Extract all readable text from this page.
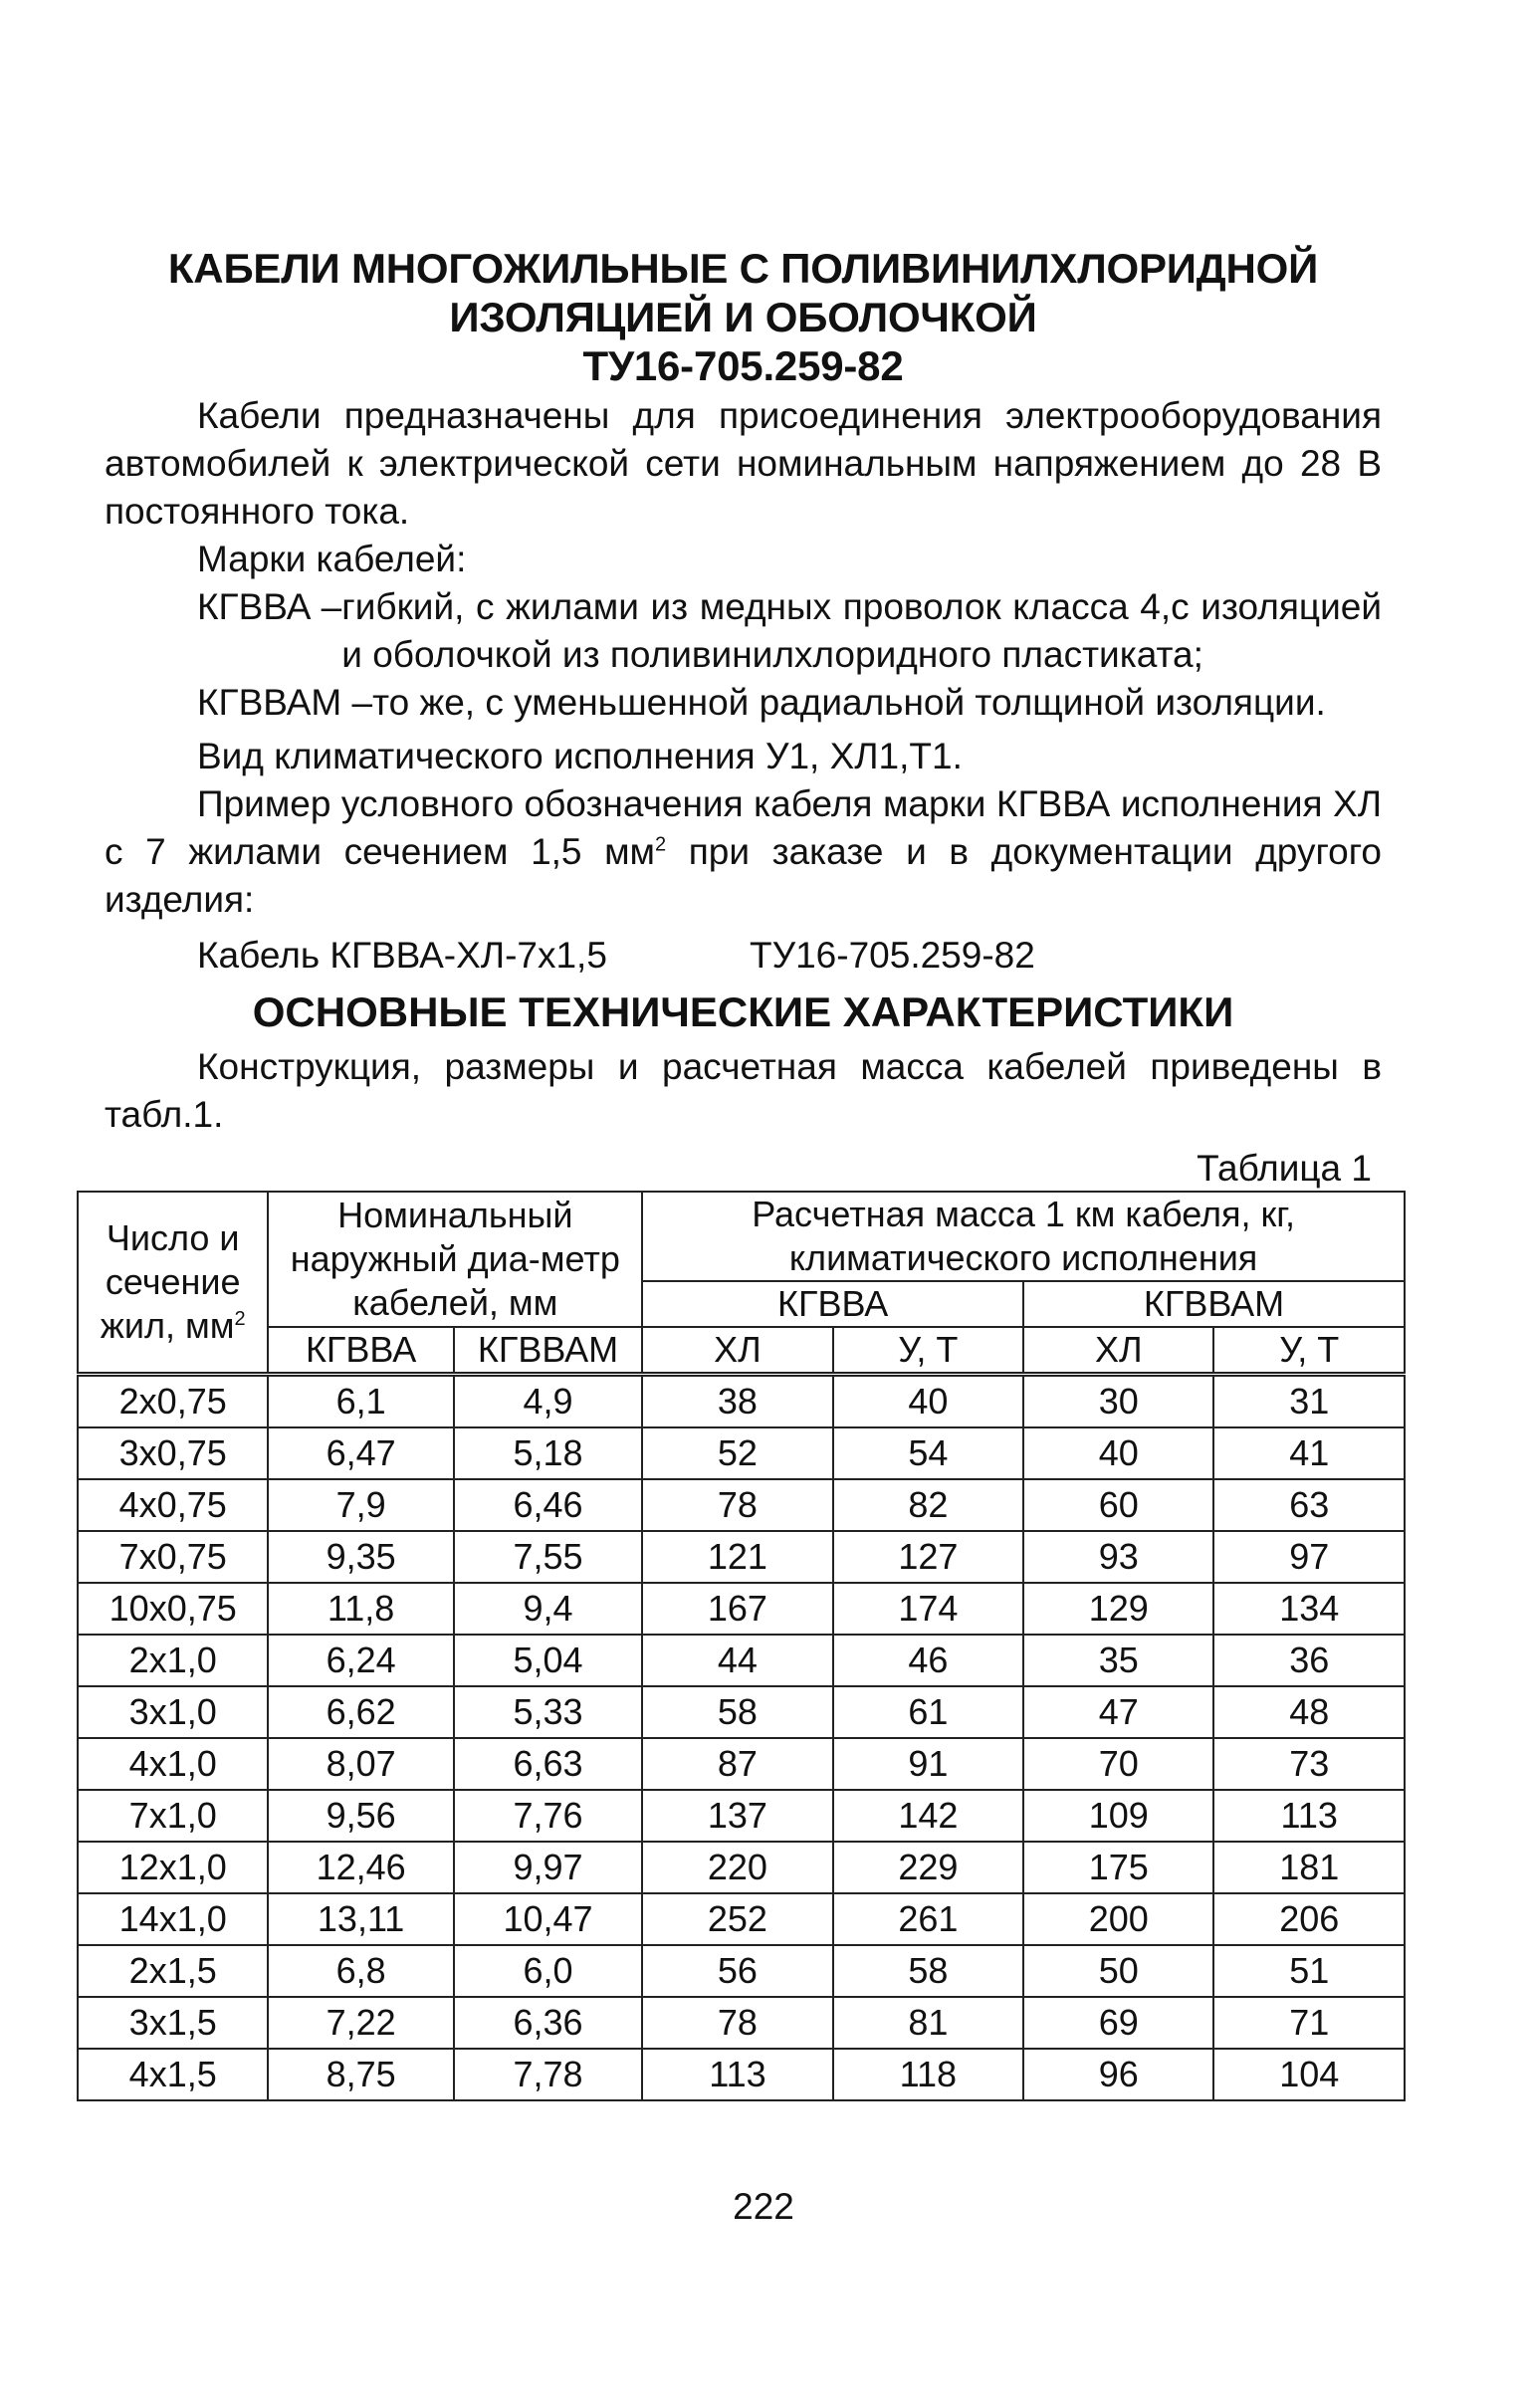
КАБЕЛИ МНОГОЖИЛЬНЫЕ С ПОЛИВИНИЛХЛОРИДНОЙ
ИЗОЛЯЦИЕЙ И ОБОЛОЧКОЙ
ТУ16-705.259-82
Кабели предназначены для присоединения электрооборудования автомобилей к электрической сети номинальным напряжением до 28 В постоянного тока.
Марки кабелей:
КГВВА – гибкий, с жилами из медных проволок класса 4,с изоляцией и оболочкой из поливинилхлоридного пластиката;
КГВВАМ – то же, с уменьшенной радиальной толщиной изоляции.
Вид климатического исполнения У1, ХЛ1,Т1.
Пример условного обозначения кабеля марки КГВВА исполнения ХЛ с 7 жилами сечением 1,5 $мм^2$ при заказе и в документации другого изделия:
Кабель КГВВА-ХЛ-7х1,5	ТУ16-705.259-82
ОСНОВНЫЕ ТЕХНИЧЕСКИЕ ХАРАКТЕРИСТИКИ
Конструкция, размеры и расчетная масса кабелей приведены в табл.1.
Таблица 1
Число и сечение жил, $мм^2$	Номинальный наружный диа-метр кабелей, мм		Расчетная масса 1 км кабеля, кг, климатического исполнения			
			КГВВА		КГВВАМ	
	КГВВА	КГВВАМ	ХЛ	У, Т	ХЛ	У, Т
2x0,75	6,1	4,9	38	40	30	31
3x0,75	6,47	5,18	52	54	40	41
4x0,75	7,9	6,46	78	82	60	63
7x0,75	9,35	7,55	121	127	93	97
10x0,75	11,8	9,4	167	174	129	134
2x1,0	6,24	5,04	44	46	35	36
3x1,0	6,62	5,33	58	61	47	48
4x1,0	8,07	6,63	87	91	70	73
7x1,0	9,56	7,76	137	142	109	113
12x1,0	12,46	9,97	220	229	175	181
14x1,0	13,11	10,47	252	261	200	206
2x1,5	6,8	6,0	56	58	50	51
3x1,5	7,22	6,36	78	81	69	71
4x1,5	8,75	7,78	113	118	96	104
222
